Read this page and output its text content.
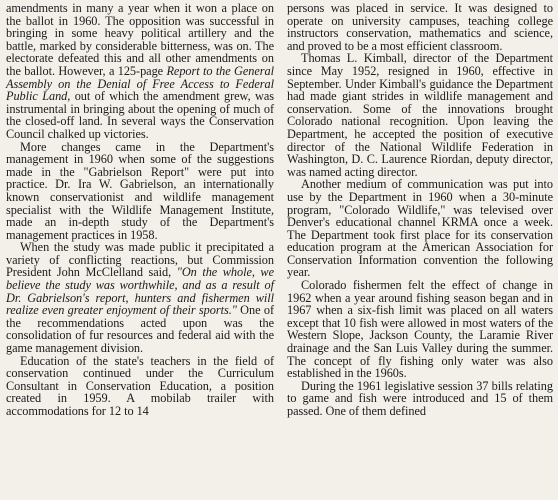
amendments in many a year when it won a place on the ballot in 1960. The opposition was successful in bringing in some heavy political artillery and the battle, marked by considerable bitterness, was on. The electorate defeated this and all other amendments on the ballot. However, a 125-page Report to the General Assembly on the Denial of Free Access to Federal Public Land, out of which the amendment grew, was instrumental in bringing about the opening of much of the closed-off land. In several ways the Conservation Council chalked up victories.

More changes came in the Department's management in 1960 when some of the suggestions made in the "Gabrielson Report" were put into practice. Dr. Ira W. Gabrielson, an internationally known conservationist and wildlife management specialist with the Wildlife Management Institute, made an in-depth study of the Department's management practices in 1958.

When the study was made public it precipitated a variety of conflicting reactions, but Commission President John McClelland said, "On the whole, we believe the study was worthwhile, and as a result of Dr. Gabrielson's report, hunters and fishermen will realize even greater enjoyment of their sports." One of the recommendations acted upon was the consolidation of fur resources and federal aid with the game management division.

Education of the state's teachers in the field of conservation continued under the Curriculum Consultant in Conservation Education, a position created in 1959. A mobilab trailer with accommodations for 12 to 14

persons was placed in service. It was designed to operate on university campuses, teaching college instructors conservation, mathematics and science, and proved to be a most efficient classroom.

Thomas L. Kimball, director of the Department since May 1952, resigned in 1960, effective in September. Under Kimball's guidance the Department had made giant strides in wildlife management and conservation. Some of the innovations brought Colorado national recognition. Upon leaving the Department, he accepted the position of executive director of the National Wildlife Federation in Washington, D. C. Laurence Riordan, deputy director, was named acting director.

Another medium of communication was put into use by the Department in 1960 when a 30-minute program, "Colorado Wildlife," was televised over Denver's educational channel KRMA once a week. The Department took first place for its conservation education program at the American Association for Conservation Information convention the following year.

Colorado fishermen felt the effect of change in 1962 when a year around fishing season began and in 1967 when a six-fish limit was placed on all waters except that 10 fish were allowed in most waters of the Western Slope, Jackson County, the Laramie River drainage and the San Luis Valley during the summer. The concept of fly fishing only water was also established in the 1960s.

During the 1961 legislative session 37 bills relating to game and fish were introduced and 15 of them passed. One of them defined
